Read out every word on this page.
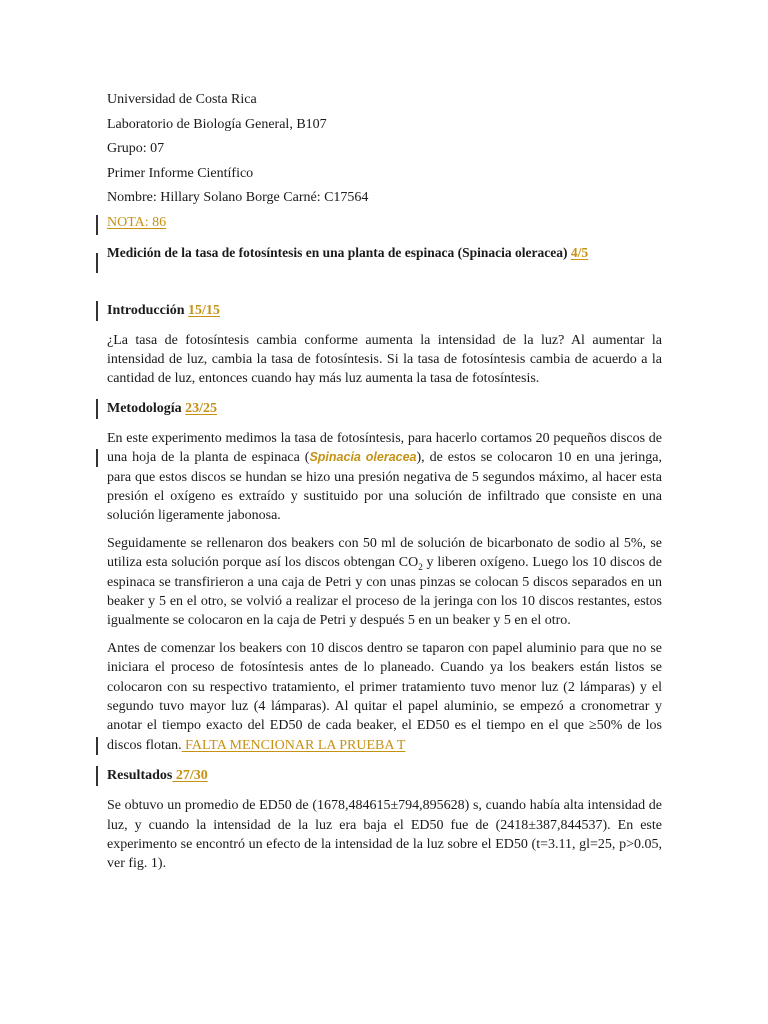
Universidad de Costa Rica

Laboratorio de Biología General, B107

Grupo: 07

Primer Informe Científico

Nombre: Hillary Solano Borge Carné: C17564

NOTA: 86

Medición de la tasa de fotosíntesis en una planta de espinaca (Spinacia oleracea) 4/5

Introducción 15/15

¿La tasa de fotosíntesis cambia conforme aumenta la intensidad de la luz? Al aumentar la intensidad de luz, cambia la tasa de fotosíntesis. Si la tasa de fotosíntesis cambia de acuerdo a la cantidad de luz, entonces cuando hay más luz aumenta la tasa de fotosíntesis.

Metodología 23/25

En este experimento medimos la tasa de fotosíntesis, para hacerlo cortamos 20 pequeños discos de una hoja de la planta de espinaca (Spinacia oleracea), de estos se colocaron 10 en una jeringa, para que estos discos se hundan se hizo una presión negativa de 5 segundos máximo, al hacer esta presión el oxígeno es extraído y sustituido por una solución de infiltrado que consiste en una solución ligeramente jabonosa.

Seguidamente se rellenaron dos beakers con 50 ml de solución de bicarbonato de sodio al 5%, se utiliza esta solución porque así los discos obtengan $CO_2$ y liberen oxígeno. Luego los 10 discos de espinaca se transfirieron a una caja de Petri y con unas pinzas se colocan 5 discos separados en un beaker y 5 en el otro, se volvió a realizar el proceso de la jeringa con los 10 discos restantes, estos igualmente se colocaron en la caja de Petri y después 5 en un beaker y 5 en el otro.

Antes de comenzar los beakers con 10 discos dentro se taparon con papel aluminio para que no se iniciara el proceso de fotosíntesis antes de lo planeado. Cuando ya los beakers están listos se colocaron con su respectivo tratamiento, el primer tratamiento tuvo menor luz (2 lámparas) y el segundo tuvo mayor luz (4 lámparas). Al quitar el papel aluminio, se empezó a cronometrar y anotar el tiempo exacto del ED50 de cada beaker, el ED50 es el tiempo en el que ≥50% de los discos flotan. FALTA MENCIONAR LA PRUEBA T

Resultados 27/30

Se obtuvo un promedio de ED50 de (1678,484615±794,895628) s, cuando había alta intensidad de luz, y cuando la intensidad de la luz era baja el ED50 fue de (2418±387,844537). En este experimento se encontró un efecto de la intensidad de la luz sobre el ED50 (t=3.11, gl=25, p>0.05, ver fig. 1).
